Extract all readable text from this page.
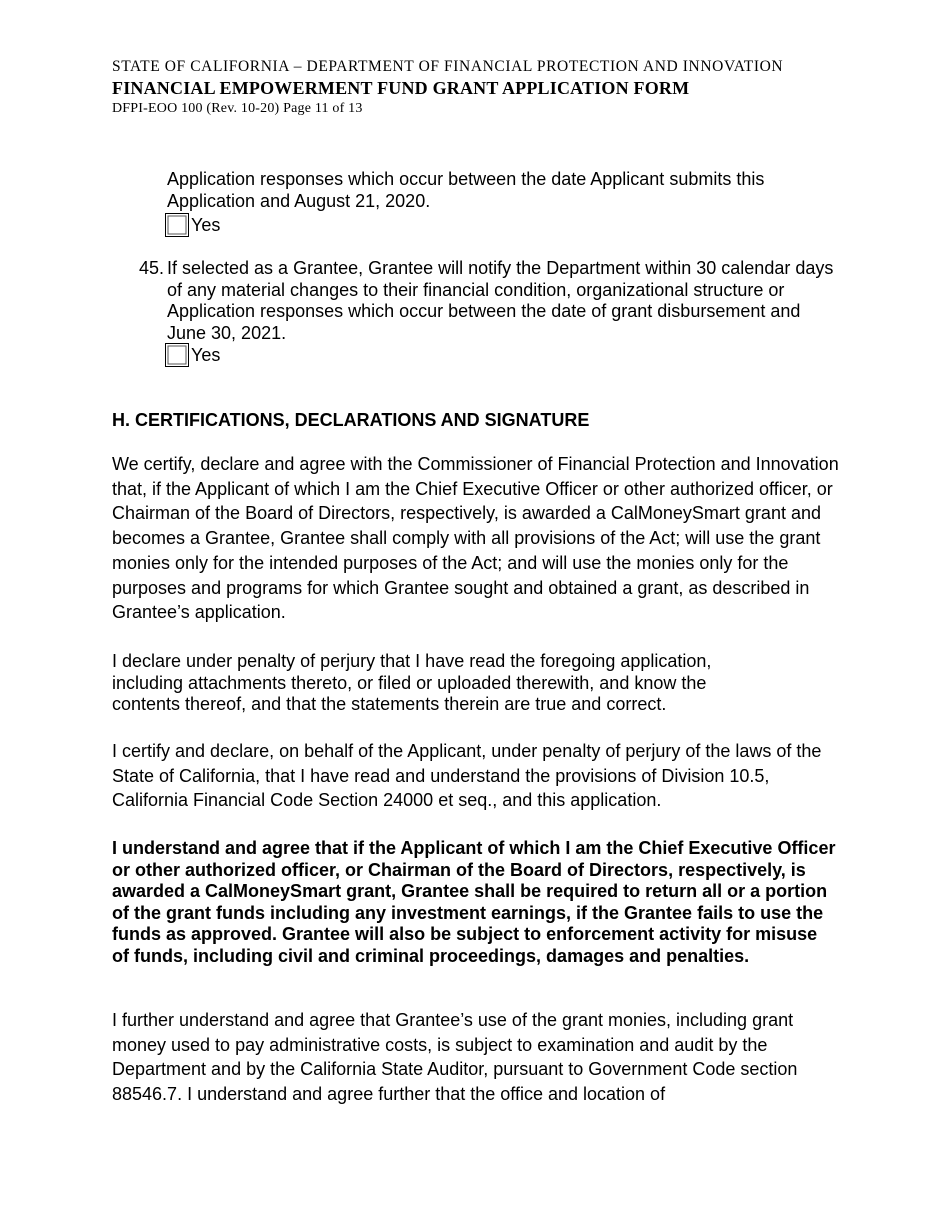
STATE OF CALIFORNIA – DEPARTMENT OF FINANCIAL PROTECTION AND INNOVATION
FINANCIAL EMPOWERMENT FUND GRANT APPLICATION FORM
DFPI-EOO 100 (Rev. 10-20) Page 11 of 13

Application responses which occur between the date Applicant submits this Application and August 21, 2020.

Yes
45. If selected as a Grantee, Grantee will notify the Department within 30 calendar days of any material changes to their financial condition, organizational structure or Application responses which occur between the date of grant disbursement and June 30, 2021.

Yes
H. CERTIFICATIONS, DECLARATIONS AND SIGNATURE

We certify, declare and agree with the Commissioner of Financial Protection and Innovation that, if the Applicant of which I am the Chief Executive Officer or other authorized officer, or Chairman of the Board of Directors, respectively, is awarded a CalMoneySmart grant and becomes a Grantee, Grantee shall comply with all provisions of the Act; will use the grant monies only for the intended purposes of the Act; and will use the monies only for the purposes and programs for which Grantee sought and obtained a grant, as described in Grantee’s application.

I declare under penalty of perjury that I have read the foregoing application, including attachments thereto, or filed or uploaded therewith, and know the contents thereof, and that the statements therein are true and correct.

I certify and declare, on behalf of the Applicant, under penalty of perjury of the laws of the State of California, that I have read and understand the provisions of Division 10.5, California Financial Code Section 24000 et seq., and this application.

I understand and agree that if the Applicant of which I am the Chief Executive Officer or other authorized officer, or Chairman of the Board of Directors, respectively, is awarded a CalMoneySmart grant, Grantee shall be required to return all or a portion of the grant funds including any investment earnings, if the Grantee fails to use the funds as approved. Grantee will also be subject to enforcement activity for misuse of funds, including civil and criminal proceedings, damages and penalties.

I further understand and agree that Grantee’s use of the grant monies, including grant money used to pay administrative costs, is subject to examination and audit by the Department and by the California State Auditor, pursuant to Government Code section 88546.7. I understand and agree further that the office and location of
